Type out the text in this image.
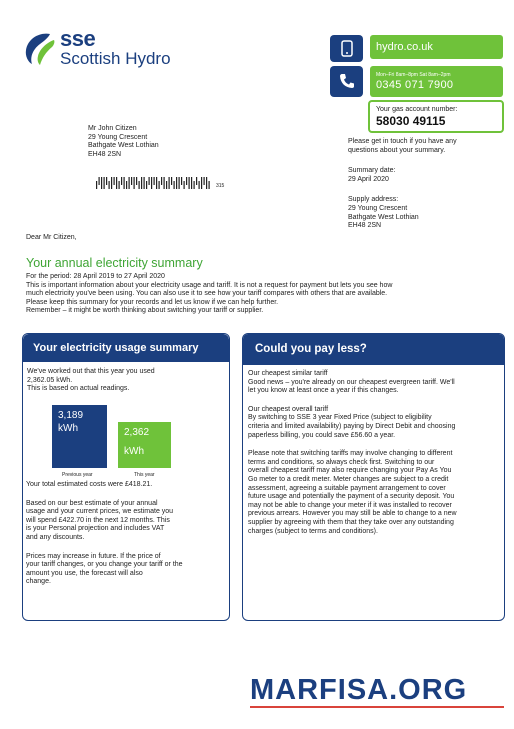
sse
Scottish Hydro
hydro.co.uk
Mon–Fri 8am–8pm Sat 8am–2pm
0345 071 7900
Your gas account number:
58030 49115
Mr John Citizen
29 Young Crescent
Bathgate West Lothian
EH48 2SN
315
Please get in touch if you have any
questions about your summary.
Summary date:
29 April 2020
Supply address:
29 Young Crescent
Bathgate West Lothian
EH48 2SN
Dear Mr Citizen,
Your annual electricity summary
For the period: 28 April 2019 to 27 April 2020
This is important information about your electricity usage and tariff. It is not a request for payment but lets you see how
much electricity you've been using. You can also use it to see how your tariff compares with others that are available.
Please keep this summary for your records and let us know if we can help further.
Remember – it might be worth thinking about switching your tariff or supplier.
Your electricity usage summary
We've worked out that this year you used
2,362.05 kWh.
This is based on actual readings.
3,189
kWh	2,362
kWh
Previous year	This year
Your total estimated costs were £418.21.
Based on our best estimate of your annual
usage and your current prices, we estimate you
will spend £422.70 in the next 12 months. This
is your Personal projection and includes VAT
and any discounts.
Prices may increase in future. If the price of
your tariff changes, or you change your tariff or the
amount you use, the forecast will also
change.
Could you pay less?
Our cheapest similar tariff
Good news – you're already on our cheapest evergreen tariff. We'll
let you know at least once a year if this changes.
Our cheapest overall tariff
By switching to SSE 3 year Fixed Price (subject to eligibility
criteria and limited availability) paying by Direct Debit and choosing
paperless billing, you could save £56.60 a year.
Please note that switching tariffs may involve changing to different
terms and conditions, so always check first. Switching to our
overall cheapest tariff may also require changing your Pay As You
Go meter to a credit meter. Meter changes are subject to a credit
assessment, agreeing a suitable payment arrangement to cover
future usage and potentially the payment of a security deposit. You
may not be able to change your meter if it was installed to recover
previous arrears. However you may still be able to change to a new
supplier by agreeing with them that they take over any outstanding
charges (subject to terms and conditions).
MARFISA.ORG
